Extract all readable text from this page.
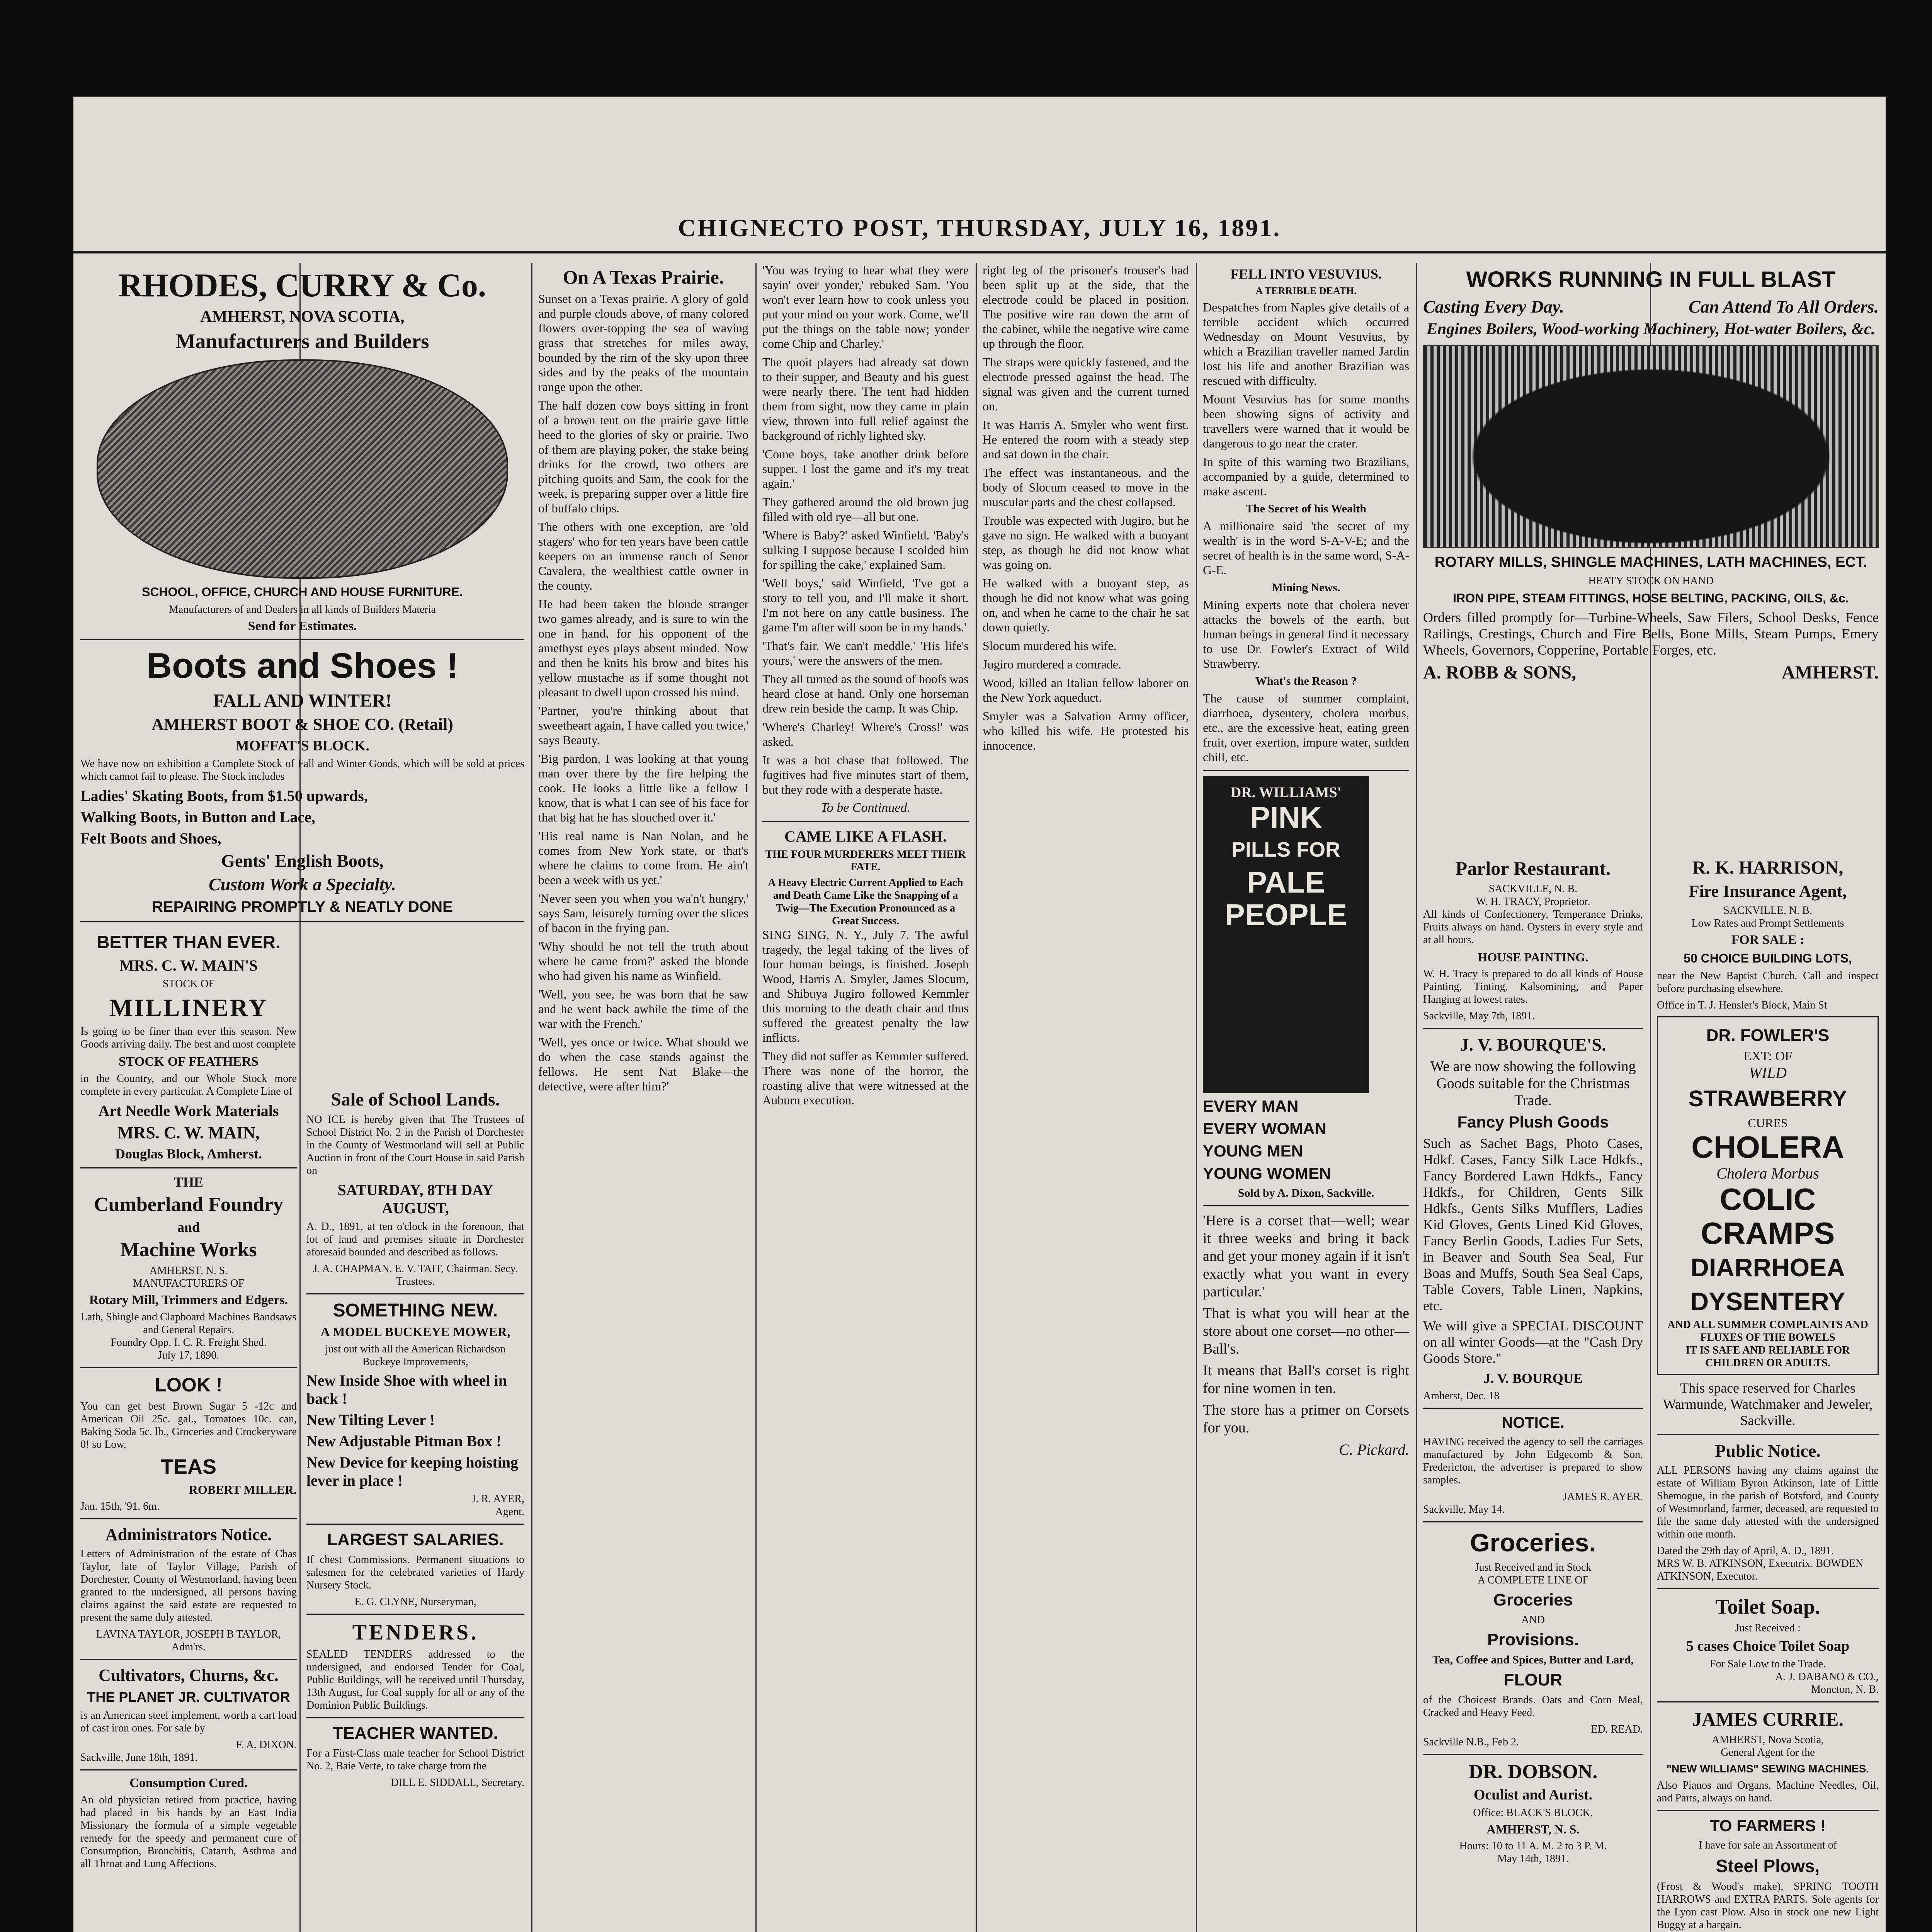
CHIGNECTO POST, THURSDAY, JULY 16, 1891.
RHODES, CURRY & Co.
AMHERST, NOVA SCOTIA,
Manufacturers and Builders
SCHOOL, OFFICE, CHURCH AND HOUSE FURNITURE.
Manufacturers of and Dealers in all kinds of Builders Materia
Send for Estimates.
Boots and Shoes !
FALL AND WINTER!
AMHERST BOOT & SHOE CO. (Retail)
MOFFAT'S BLOCK.

We have now on exhibition a Complete Stock of Fall and Winter Goods, which will be sold at prices which cannot fail to please. The Stock includes

Ladies' Skating Boots, from $1.50 upwards,
Walking Boots, in Button and Lace,
Felt Boots and Shoes,
Gents' English Boots,
Custom Work a Specialty.
REPAIRING PROMPTLY & NEATLY DONE
BETTER THAN EVER.
MRS. C. W. MAIN'S
STOCK OF
MILLINERY

Is going to be finer than ever this season. New Goods arriving daily. The best and most complete

STOCK OF FEATHERS

in the Country, and our Whole Stock more complete in every particular. A Complete Line of

Art Needle Work Materials
MRS. C. W. MAIN,
Douglas Block, Amherst.
THE
Cumberland Foundry
and
Machine Works
AMHERST, N. S.
MANUFACTURERS OF
Rotary Mill, Trimmers and Edgers.
Lath, Shingle and Clapboard Machines Bandsaws and General Repairs.
Foundry Opp. I. C. R. Freight Shed.
July 17, 1890.
LOOK !

You can get best Brown Sugar 5 -12c and American Oil 25c. gal., Tomatoes 10c. can, Baking Soda 5c. lb., Groceries and Crockeryware 0! so Low.

TEAS
ROBERT MILLER.
Jan. 15th, '91. 6m.
Administrators Notice.

Letters of Administration of the estate of Chas Taylor, late of Taylor Village, Parish of Dorchester, County of Westmorland, having been granted to the undersigned, all persons having claims against the said estate are requested to present the same duly attested.

LAVINA TAYLOR, JOSEPH B TAYLOR, Adm'rs.
Cultivators, Churns, &c.
THE PLANET JR. CULTIVATOR

is an American steel implement, worth a cart load of cast iron ones. For sale by

F. A. DIXON.
Sackville, June 18th, 1891.
Consumption Cured.

An old physician retired from practice, having had placed in his hands by an East India Missionary the formula of a simple vegetable remedy for the speedy and permanent cure of Consumption, Bronchitis, Catarrh, Asthma and all Throat and Lung Affections.

Sale of School Lands.

NO ICE is hereby given that The Trustees of School District No. 2 in the Parish of Dorchester in the County of Westmorland will sell at Public Auction in front of the Court House in said Parish on

SATURDAY, 8TH DAY AUGUST,

A. D., 1891, at ten o'clock in the forenoon, that lot of land and premises situate in Dorchester aforesaid bounded and described as follows.

J. A. CHAPMAN, E. V. TAIT, Chairman. Secy. Trustees.
SOMETHING NEW.
A MODEL BUCKEYE MOWER,
just out with all the American Richardson Buckeye Improvements,
New Inside Shoe with wheel in back !
New Tilting Lever !
New Adjustable Pitman Box !
New Device for keeping hoisting lever in place !
J. R. AYER,
Agent.
LARGEST SALARIES.

If chest Commissions. Permanent situations to salesmen for the celebrated varieties of Hardy Nursery Stock.

E. G. CLYNE, Nurseryman,
TENDERS.

SEALED TENDERS addressed to the undersigned, and endorsed Tender for Coal, Public Buildings, will be received until Thursday, 13th August, for Coal supply for all or any of the Dominion Public Buildings.

TEACHER WANTED.

For a First-Class male teacher for School District No. 2, Baie Verte, to take charge from the

DILL E. SIDDALL, Secretary.
On A Texas Prairie.

Sunset on a Texas prairie. A glory of gold and purple clouds above, of many colored flowers over-topping the sea of waving grass that stretches for miles away, bounded by the rim of the sky upon three sides and by the peaks of the mountain range upon the other.

The half dozen cow boys sitting in front of a brown tent on the prairie gave little heed to the glories of sky or prairie. Two of them are playing poker, the stake being drinks for the crowd, two others are pitching quoits and Sam, the cook for the week, is preparing supper over a little fire of buffalo chips.

The others with one exception, are 'old stagers' who for ten years have been cattle keepers on an immense ranch of Senor Cavalera, the wealthiest cattle owner in the county.

He had been taken the blonde stranger two games already, and is sure to win the one in hand, for his opponent of the amethyst eyes plays absent minded. Now and then he knits his brow and bites his yellow mustache as if some thought not pleasant to dwell upon crossed his mind.

'Partner, you're thinking about that sweetheart again, I have called you twice,' says Beauty.

'Big pardon, I was looking at that young man over there by the fire helping the cook. He looks a little like a fellow I know, that is what I can see of his face for that big hat he has slouched over it.'

'His real name is Nan Nolan, and he comes from New York state, or that's where he claims to come from. He ain't been a week with us yet.'

'Never seen you when you wa'n't hungry,' says Sam, leisurely turning over the slices of bacon in the frying pan.

'Why should he not tell the truth about where he came from?' asked the blonde who had given his name as Winfield.

'Well, you see, he was born that he saw and he went back awhile the time of the war with the French.'

'Well, yes once or twice. What should we do when the case stands against the fellows. He sent Nat Blake—the detective, were after him?'

'You was trying to hear what they were sayin' over yonder,' rebuked Sam. 'You won't ever learn how to cook unless you put your mind on your work. Come, we'll put the things on the table now; yonder come Chip and Charley.'

The quoit players had already sat down to their supper, and Beauty and his guest were nearly there. The tent had hidden them from sight, now they came in plain view, thrown into full relief against the background of richly lighted sky.

'Come boys, take another drink before supper. I lost the game and it's my treat again.'

They gathered around the old brown jug filled with old rye—all but one.

'Where is Baby?' asked Winfield. 'Baby's sulking I suppose because I scolded him for spilling the cake,' explained Sam.

'Well boys,' said Winfield, 'I've got a story to tell you, and I'll make it short. I'm not here on any cattle business. The game I'm after will soon be in my hands.'

'That's fair. We can't meddle.' 'His life's yours,' were the answers of the men.

They all turned as the sound of hoofs was heard close at hand. Only one horseman drew rein beside the camp. It was Chip.

'Where's Charley! Where's Cross!' was asked.

It was a hot chase that followed. The fugitives had five minutes start of them, but they rode with a desperate haste.

To be Continued.
CAME LIKE A FLASH.
THE FOUR MURDERERS MEET THEIR FATE.
A Heavy Electric Current Applied to Each and Death Came Like the Snapping of a Twig—The Execution Pronounced as a Great Success.

SING SING, N. Y., July 7. The awful tragedy, the legal taking of the lives of four human beings, is finished. Joseph Wood, Harris A. Smyler, James Slocum, and Shibuya Jugiro followed Kemmler this morning to the death chair and thus suffered the greatest penalty the law inflicts.

They did not suffer as Kemmler suffered. There was none of the horror, the roasting alive that were witnessed at the Auburn execution.

right leg of the prisoner's trouser's had been split up at the side, that the electrode could be placed in position. The positive wire ran down the arm of the cabinet, while the negative wire came up through the floor.

The straps were quickly fastened, and the electrode pressed against the head. The signal was given and the current turned on.

It was Harris A. Smyler who went first. He entered the room with a steady step and sat down in the chair.

The effect was instantaneous, and the body of Slocum ceased to move in the muscular parts and the chest collapsed.

Trouble was expected with Jugiro, but he gave no sign. He walked with a buoyant step, as though he did not know what was going on.

He walked with a buoyant step, as though he did not know what was going on, and when he came to the chair he sat down quietly.

Slocum murdered his wife.

Jugiro murdered a comrade.

Wood, killed an Italian fellow laborer on the New York aqueduct.

Smyler was a Salvation Army officer, who killed his wife. He protested his innocence.

FELL INTO VESUVIUS.
A TERRIBLE DEATH.

Despatches from Naples give details of a terrible accident which occurred Wednesday on Mount Vesuvius, by which a Brazilian traveller named Jardin lost his life and another Brazilian was rescued with difficulty.

Mount Vesuvius has for some months been showing signs of activity and travellers were warned that it would be dangerous to go near the crater.

In spite of this warning two Brazilians, accompanied by a guide, determined to make ascent.

The Secret of his Wealth

A millionaire said 'the secret of my wealth' is in the word S-A-V-E; and the secret of health is in the same word, S-A-G-E.

Mining News.

Mining experts note that cholera never attacks the bowels of the earth, but human beings in general find it necessary to use Dr. Fowler's Extract of Wild Strawberry.

What's the Reason ?

The cause of summer complaint, diarrhoea, dysentery, cholera morbus, etc., are the excessive heat, eating green fruit, over exertion, impure water, sudden chill, etc.

DR. WILLIAMS'
PINK
PILLS FOR
PALE
PEOPLE
EVERY MAN
EVERY WOMAN
YOUNG MEN
YOUNG WOMEN
Sold by A. Dixon, Sackville.

'Here is a corset that—well; wear it three weeks and bring it back and get your money again if it isn't exactly what you want in every particular.'

That is what you will hear at the store about one corset—no other—Ball's.

It means that Ball's corset is right for nine women in ten.

The store has a primer on Corsets for you.

C. Pickard.
WORKS RUNNING IN FULL BLAST
Casting Every Day.	Can Attend To All Orders.
Engines Boilers, Wood-working Machinery, Hot-water Boilers, &c.
ROTARY MILLS, SHINGLE MACHINES, LATH MACHINES, ECT.
HEATY STOCK ON HAND
IRON PIPE, STEAM FITTINGS, HOSE BELTING, PACKING, OILS, &c.

Orders filled promptly for—Turbine-Wheels, Saw Filers, School Desks, Fence Railings, Crestings, Church and Fire Bells, Bone Mills, Steam Pumps, Emery Wheels, Governors, Copperine, Portable Forges, etc.

A. ROBB & SONS,	AMHERST.
Parlor Restaurant.
SACKVILLE, N. B.
W. H. TRACY, Proprietor.

All kinds of Confectionery, Temperance Drinks, Fruits always on hand. Oysters in every style and at all hours.

HOUSE PAINTING.

W. H. Tracy is prepared to do all kinds of House Painting, Tinting, Kalsomining, and Paper Hanging at lowest rates.

Sackville, May 7th, 1891.
J. V. BOURQUE'S.

We are now showing the following Goods suitable for the Christmas Trade.

Fancy Plush Goods

Such as Sachet Bags, Photo Cases, Hdkf. Cases, Fancy Silk Lace Hdkfs., Fancy Bordered Lawn Hdkfs., Fancy Hdkfs., for Children, Gents Silk Hdkfs., Gents Silks Mufflers, Ladies Kid Gloves, Gents Lined Kid Gloves, Fancy Berlin Goods, Ladies Fur Sets, in Beaver and South Sea Seal, Fur Boas and Muffs, South Sea Seal Caps, Table Covers, Table Linen, Napkins, etc.

We will give a SPECIAL DISCOUNT on all winter Goods—at the "Cash Dry Goods Store."

J. V. BOURQUE
Amherst, Dec. 18
NOTICE.

HAVING received the agency to sell the carriages manufactured by John Edgecomb & Son, Fredericton, the advertiser is prepared to show samples.

JAMES R. AYER.
Sackville, May 14.
Groceries.
Just Received and in Stock
A COMPLETE LINE OF
Groceries
AND
Provisions.
Tea, Coffee and Spices, Butter and Lard,
FLOUR

of the Choicest Brands. Oats and Corn Meal, Cracked and Heavy Feed.

ED. READ.
Sackville N.B., Feb 2.
DR. DOBSON.
Oculist and Aurist.
Office: BLACK'S BLOCK,
AMHERST, N. S.
Hours: 10 to 11 A. M. 2 to 3 P. M.
May 14th, 1891.
R. K. HARRISON,
Fire Insurance Agent,
SACKVILLE, N. B.
Low Rates and Prompt Settlements
FOR SALE :
50 CHOICE BUILDING LOTS,

near the New Baptist Church. Call and inspect before purchasing elsewhere.

Office in T. J. Hensler's Block, Main St
DR. FOWLER'S
EXT: OF
WILD
STRAWBERRY
CURES
CHOLERA
Cholera Morbus
COLIC
CRAMPS
DIARRHOEA
DYSENTERY
AND ALL SUMMER COMPLAINTS AND FLUXES OF THE BOWELS
IT IS SAFE AND RELIABLE FOR CHILDREN OR ADULTS.

This space reserved for Charles Warmunde, Watchmaker and Jeweler, Sackville.

Public Notice.

ALL PERSONS having any claims against the estate of William Byron Atkinson, late of Little Shemogue, in the parish of Botsford, and County of Westmorland, farmer, deceased, are requested to file the same duly attested with the undersigned within one month.

Dated the 29th day of April, A. D., 1891.
MRS W. B. ATKINSON, Executrix. BOWDEN ATKINSON, Executor.
Toilet Soap.
Just Received :
5 cases Choice Toilet Soap
For Sale Low to the Trade.
A. J. DABANO & CO.,
Moncton, N. B.
JAMES CURRIE.
AMHERST, Nova Scotia,
General Agent for the
"NEW WILLIAMS" SEWING MACHINES.

Also Pianos and Organs. Machine Needles, Oil, and Parts, always on hand.

TO FARMERS !
I have for sale an Assortment of
Steel Plows,

(Frost & Wood's make), SPRING TOOTH HARROWS and EXTRA PARTS. Sole agents for the Lyon cast Plow. Also in stock one new Light Buggy at a bargain.
